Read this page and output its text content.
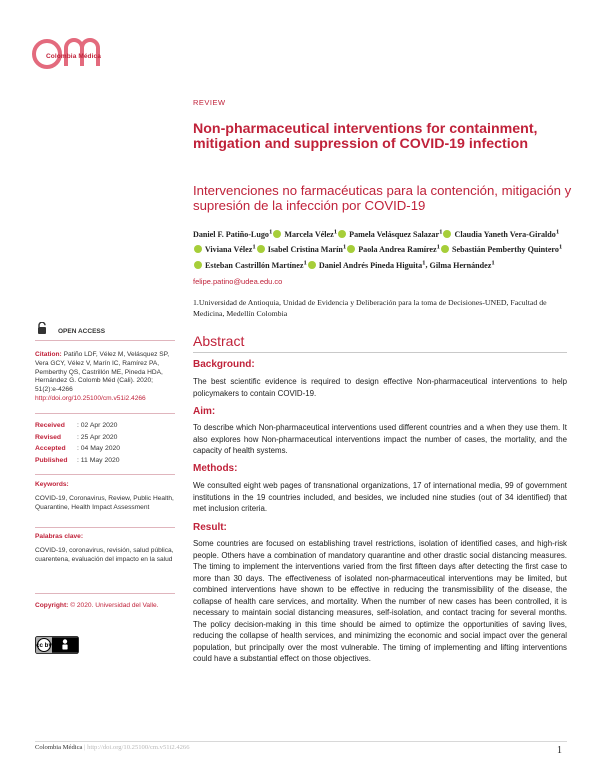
Colombia Médica
REVIEW
Non-pharmaceutical interventions for containment, mitigation and suppression of COVID-19 infection
Intervenciones no farmacéuticas para la contención, mitigación y supresión de la infección por COVID-19
Daniel F. Patiño-Lugo$^1$ Marcela Vélez$^1$ Pamela Velásquez Salazar$^1$ Claudia Yaneth Vera-Giraldo$^1$ Viviana Vélez$^1$ Isabel Cristina Marín$^1$ Paola Andrea Ramírez$^1$ Sebastián Pemberthy Quintero$^1$ Esteban Castrillón Martínez$^1$ Daniel Andrés Pineda Higuita$^1$, Gilma Hernández$^1$
felipe.patino@udea.edu.co
1.Universidad de Antioquia, Unidad de Evidencia y Deliberación para la toma de Decisiones-UNED, Facultad de Medicina, Medellín Colombia
Abstract
Background:
The best scientific evidence is required to design effective Non-pharmaceutical interventions to help policymakers to contain COVID-19.
Aim:
To describe which Non-pharmaceutical interventions used different countries and a when they use them. It also explores how Non-pharmaceutical interventions impact the number of cases, the mortality, and the capacity of health systems.
Methods:
We consulted eight web pages of transnational organizations, 17 of international media, 99 of government institutions in the 19 countries included, and besides, we included nine studies (out of 34 identified) that met inclusion criteria.
Result:
Some countries are focused on establishing travel restrictions, isolation of identified cases, and high-risk people. Others have a combination of mandatory quarantine and other drastic social distancing measures. The timing to implement the interventions varied from the first fifteen days after detecting the first case to more than 30 days. The effectiveness of isolated non-pharmaceutical interventions may be limited, but combined interventions have shown to be effective in reducing the transmissibility of the disease, the collapse of health care services, and mortality. When the number of new cases has been controlled, it is necessary to maintain social distancing measures, self-isolation, and contact tracing for several months. The policy decision-making in this time should be aimed to optimize the opportunities of saving lives, reducing the collapse of health services, and minimizing the economic and social impact over the general population, but principally over the most vulnerable. The timing of implementing and lifting interventions could have a substantial effect on those objectives.
OPEN ACCESS
Citation: Patiño LDF, Vélez M, Velásquez SP, Vera GCY, Vélez V, Marín IC, Ramírez PA, Pemberthy QS, Castrillón ME, Pineda HDA, Hernández G. Colomb Méd (Cali). 2020; 51(2):e-4266 http://doi.org/10.25100/cm.v51i2.4266
Received : 02 Apr 2020
Revised : 25 Apr 2020
Accepted : 04 May 2020
Published : 11 May 2020
Keywords:
COVID-19, Coronavirus, Review, Public Health, Quarantine, Health Impact Assessment
Palabras clave:
COVID-19, coronavirus, revisión, salud pública, cuarentena, evaluación del impacto en la salud
Copyright: © 2020. Universidad del Valle.
cc by
Colombia Médica | http://doi.org/10.25100/cm.v51i2.4266	1
